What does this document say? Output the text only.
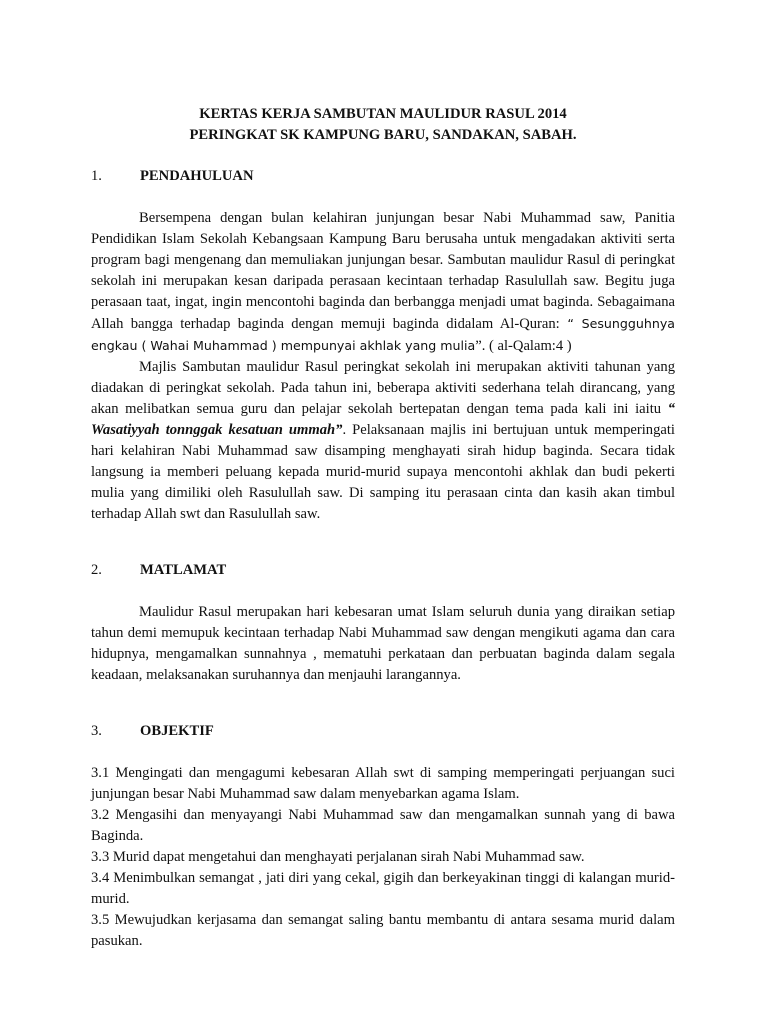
KERTAS KERJA SAMBUTAN MAULIDUR RASUL 2014
PERINGKAT SK KAMPUNG BARU, SANDAKAN, SABAH.
1.	PENDAHULUAN

Bersempena dengan bulan kelahiran junjungan besar Nabi Muhammad saw, Panitia Pendidikan Islam Sekolah Kebangsaan Kampung Baru berusaha untuk mengadakan aktiviti serta program bagi mengenang dan memuliakan junjungan besar. Sambutan maulidur Rasul di peringkat sekolah ini merupakan kesan daripada perasaan kecintaan terhadap Rasulullah saw. Begitu juga perasaan taat, ingat, ingin mencontohi baginda dan berbangga menjadi umat baginda. Sebagaimana Allah bangga terhadap baginda dengan memuji baginda didalam Al-Quran: “ Sesungguhnya engkau ( Wahai Muhammad ) mempunyai akhlak yang mulia”. ( al-Qalam:4 )

Majlis Sambutan maulidur Rasul peringkat sekolah ini merupakan aktiviti tahunan yang diadakan di peringkat sekolah. Pada tahun ini, beberapa aktiviti sederhana telah dirancang, yang akan melibatkan semua guru dan pelajar sekolah bertepatan dengan tema pada kali ini iaitu “ Wasatiyyah tonnggak kesatuan ummah”. Pelaksanaan majlis ini bertujuan untuk memperingati hari kelahiran Nabi Muhammad saw disamping menghayati sirah hidup baginda. Secara tidak langsung ia memberi peluang kepada murid-murid supaya mencontohi akhlak dan budi pekerti mulia yang dimiliki oleh Rasulullah saw. Di samping itu perasaan cinta dan kasih akan timbul terhadap Allah swt dan Rasulullah saw.

2.	MATLAMAT

Maulidur Rasul merupakan hari kebesaran umat Islam seluruh dunia yang diraikan setiap tahun demi memupuk kecintaan terhadap Nabi Muhammad saw dengan mengikuti agama dan cara hidupnya, mengamalkan sunnahnya , mematuhi perkataan dan perbuatan baginda dalam segala keadaan, melaksanakan suruhannya dan menjauhi larangannya.

3.	OBJEKTIF

3.1 Mengingati dan mengagumi kebesaran Allah swt di samping memperingati perjuangan suci junjungan besar Nabi Muhammad saw dalam menyebarkan agama Islam.

3.2 Mengasihi dan menyayangi Nabi Muhammad saw dan mengamalkan sunnah yang di bawa Baginda.

3.3 Murid dapat mengetahui dan menghayati perjalanan sirah Nabi Muhammad saw.

3.4 Menimbulkan semangat , jati diri yang cekal, gigih dan berkeyakinan tinggi di kalangan murid-murid.

3.5 Mewujudkan kerjasama dan semangat saling bantu membantu di antara sesama murid dalam pasukan.
